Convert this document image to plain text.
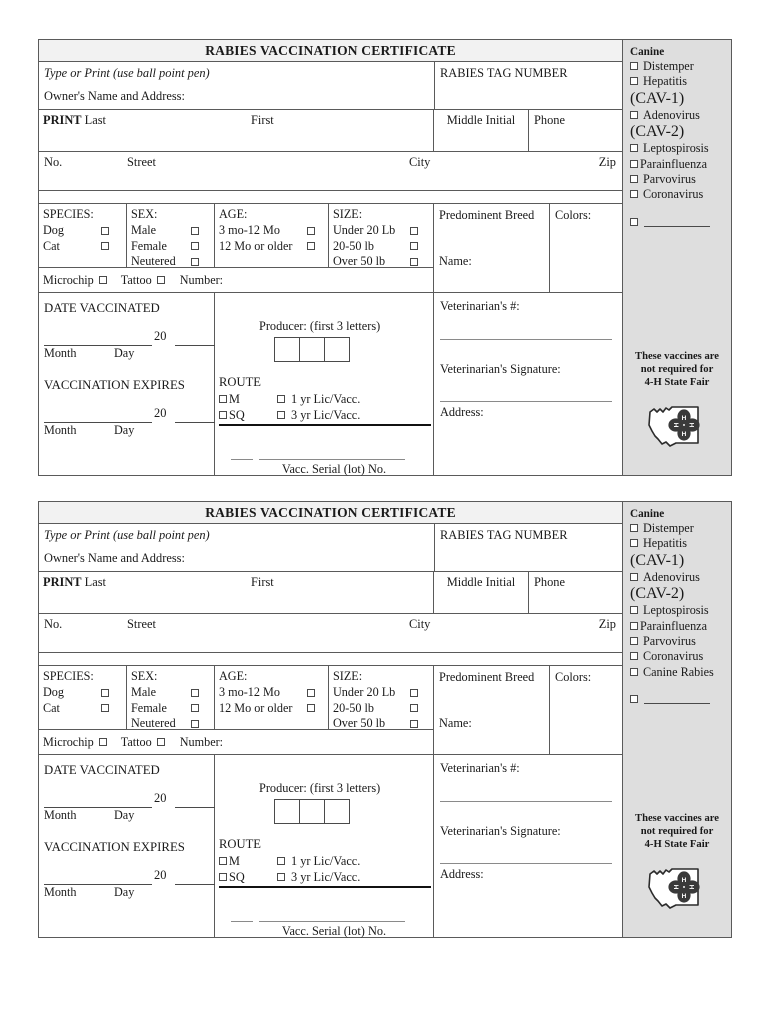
RABIES VACCINATION CERTIFICATE
Type or Print (use ball point pen)
Owner's Name and Address:
RABIES TAG NUMBER
PRINT Last	First	Middle Initial	Phone
No.	Street	City	Zip
SPECIES:
Dog
Cat
SEX:
Male
Female
Neutered
AGE:
3 mo-12 Mo
12 Mo or older
SIZE:
Under 20 Lb
20-50 lb
Over 50 lb
Microchip Tattoo Number:
Predominent Breed
Name:
Colors:
DATE VACCINATED
20
Month	Day
VACCINATION EXPIRES
20
Month	Day
Producer: (first 3 letters)
ROUTE
M	1 yr Lic/Vacc.
SQ	3 yr Lic/Vacc.
Vacc. Serial (lot) No.
Veterinarian's #:
Veterinarian's Signature:
Address:
Canine
Distemper
Hepatitis
(CAV-1)
Adenovirus
(CAV-2)
Leptospirosis
Parainfluenza
Parvovirus
Coronavirus
These vaccines are
not required for
4-H State Fair
H
H
H
H
RABIES VACCINATION CERTIFICATE
Type or Print (use ball point pen)
Owner's Name and Address:
RABIES TAG NUMBER
PRINT Last	First	Middle Initial	Phone
No.	Street	City	Zip
SPECIES:
Dog
Cat
SEX:
Male
Female
Neutered
AGE:
3 mo-12 Mo
12 Mo or older
SIZE:
Under 20 Lb
20-50 lb
Over 50 lb
Microchip Tattoo Number:
Predominent Breed
Name:
Colors:
DATE VACCINATED
20
Month	Day
VACCINATION EXPIRES
20
Month	Day
Producer: (first 3 letters)
ROUTE
M	1 yr Lic/Vacc.
SQ	3 yr Lic/Vacc.
Vacc. Serial (lot) No.
Veterinarian's #:
Veterinarian's Signature:
Address:
Canine
Distemper
Hepatitis
(CAV-1)
Adenovirus
(CAV-2)
Leptospirosis
Parainfluenza
Parvovirus
Coronavirus
Canine Rabies
These vaccines are
not required for
4-H State Fair
H
H
H
H
